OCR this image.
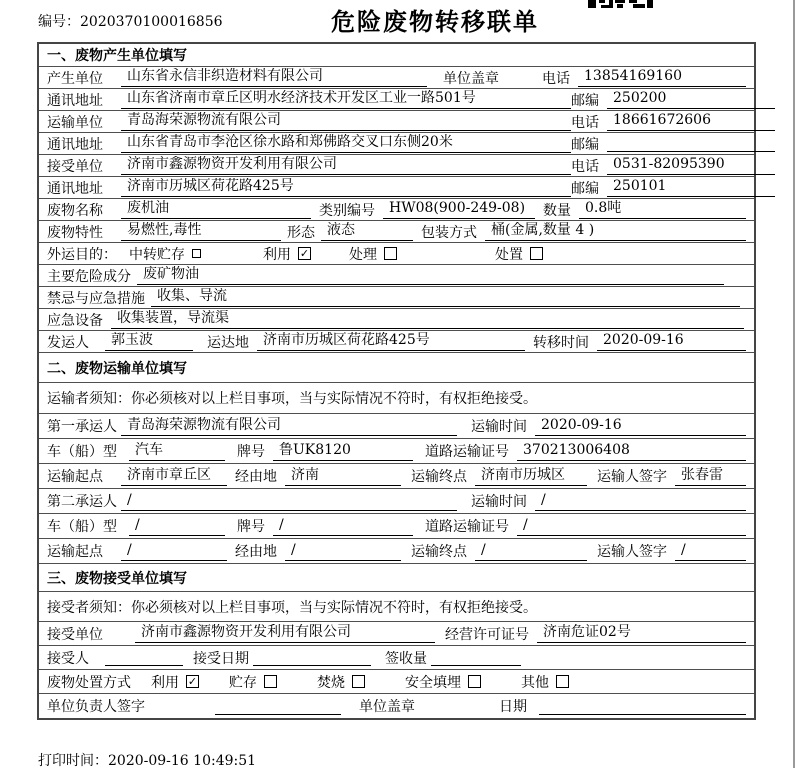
编号：2020370100016856	危险废物转移联单
一、废物产生单位填写
产生单位	山东省永信非织造材料有限公司	单位盖章	电话	13854169160
通讯地址	山东省济南市章丘区明水经济技术开发区工业一路501号	邮编	250200
运输单位	青岛海荣源物流有限公司	电话	18661672606
通讯地址	山东省青岛市李沧区徐水路和郑佛路交叉口东侧20米	邮编
接受单位	济南市鑫源物资开发利用有限公司	电话	0531-82095390
通讯地址	济南市历城区荷花路425号	邮编	250101
废物名称	废机油	类别编号	HW08(900-249-08)	数量	0.8吨
废物特性	易燃性,毒性	形态 液态	包装方式	桶(金属,数量 4 )
外运目的： 中转贮存	利用 ✓	处理	处置
主要危险成分 废矿物油
禁忌与应急措施 收集、导流
应急设备	收集装置，导流渠
发运人	郭玉波	运达地	济南市历城区荷花路425号	转移时间	2020-09-16
二、废物运输单位填写
运输者须知：你必须核对以上栏目事项，当与实际情况不符时，有权拒绝接受。
第一承运人 青岛海荣源物流有限公司	运输时间	2020-09-16
车（船）型	汽车	牌号	鲁UK8120	道路运输证号	370213006408
运输起点	济南市章丘区	经由地	济南	运输终点	济南市历城区	运输人签字	张春雷
第二承运人 /	运输时间	/
车（船）型	/	牌号	/	道路运输证号	/
运输起点	/	经由地	/	运输终点	/	运输人签字	/
三、废物接受单位填写
接受者须知：你必须核对以上栏目事项，当与实际情况不符时，有权拒绝接受。
接受单位	济南市鑫源物资开发利用有限公司	经营许可证号	济南危证02号
接受人	接受日期	签收量
废物处置方式 利用 ✓ 贮存	焚烧	安全填埋	其他
单位负责人签字	单位盖章	日期
打印时间：2020-09-16 10:49:51
